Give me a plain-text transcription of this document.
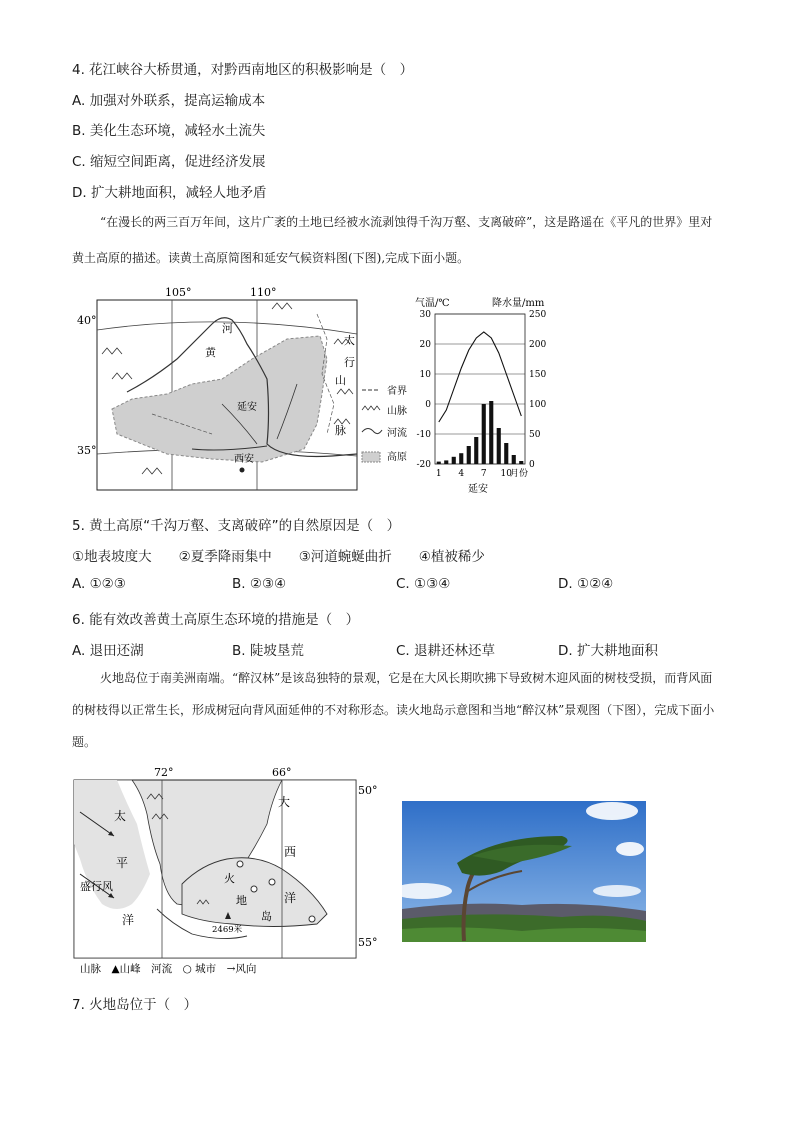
4. 花江峡谷大桥贯通，对黔西南地区的积极影响是（　）
A. 加强对外联系，提高运输成本
B. 美化生态环境，减轻水土流失
C. 缩短空间距离，促进经济发展
D. 扩大耕地面积，减轻人地矛盾
“在漫长的两三百万年间，这片广袤的土地已经被水流剥蚀得千沟万壑、支离破碎”，这是路遥在《平凡的世界》里对黄土高原的描述。读黄土高原简图和延安气候资料图(下图),完成下面小题。
105°	110°
40°
35°
河
黄
延安
西安
太
行
山
脉
省界
山脉
河流
高原
气温/℃	降水量/mm
30	250
20	200
10	150
0	100
-10	50
-20	0
1 4 7 10
月份
延安
5. 黄土高原“千沟万壑、支离破碎”的自然原因是（　）
①地表坡度大　　②夏季降雨集中　　③河道蜿蜒曲折　　④植被稀少
A. ①②③	B. ②③④	C. ①③④	D. ①②④
6. 能有效改善黄土高原生态环境的措施是（　）
A. 退田还湖	B. 陡坡垦荒	C. 退耕还林还草	D. 扩大耕地面积
火地岛位于南美洲南端。“醉汉林”是该岛独特的景观，它是在大风长期吹拂下导致树木迎风面的树枝受损，而背风面的树枝得以正常生长，形成树冠向背风面延伸的不对称形态。读火地岛示意图和当地“醉汉林”景观图（下图），完成下面小题。
72°	66°
50°
55°
太
平
盛行风
洋
大
西
洋
火
地
岛
2469米
山脉　▲山峰　河流　○ 城市　→风向
7. 火地岛位于（　）
